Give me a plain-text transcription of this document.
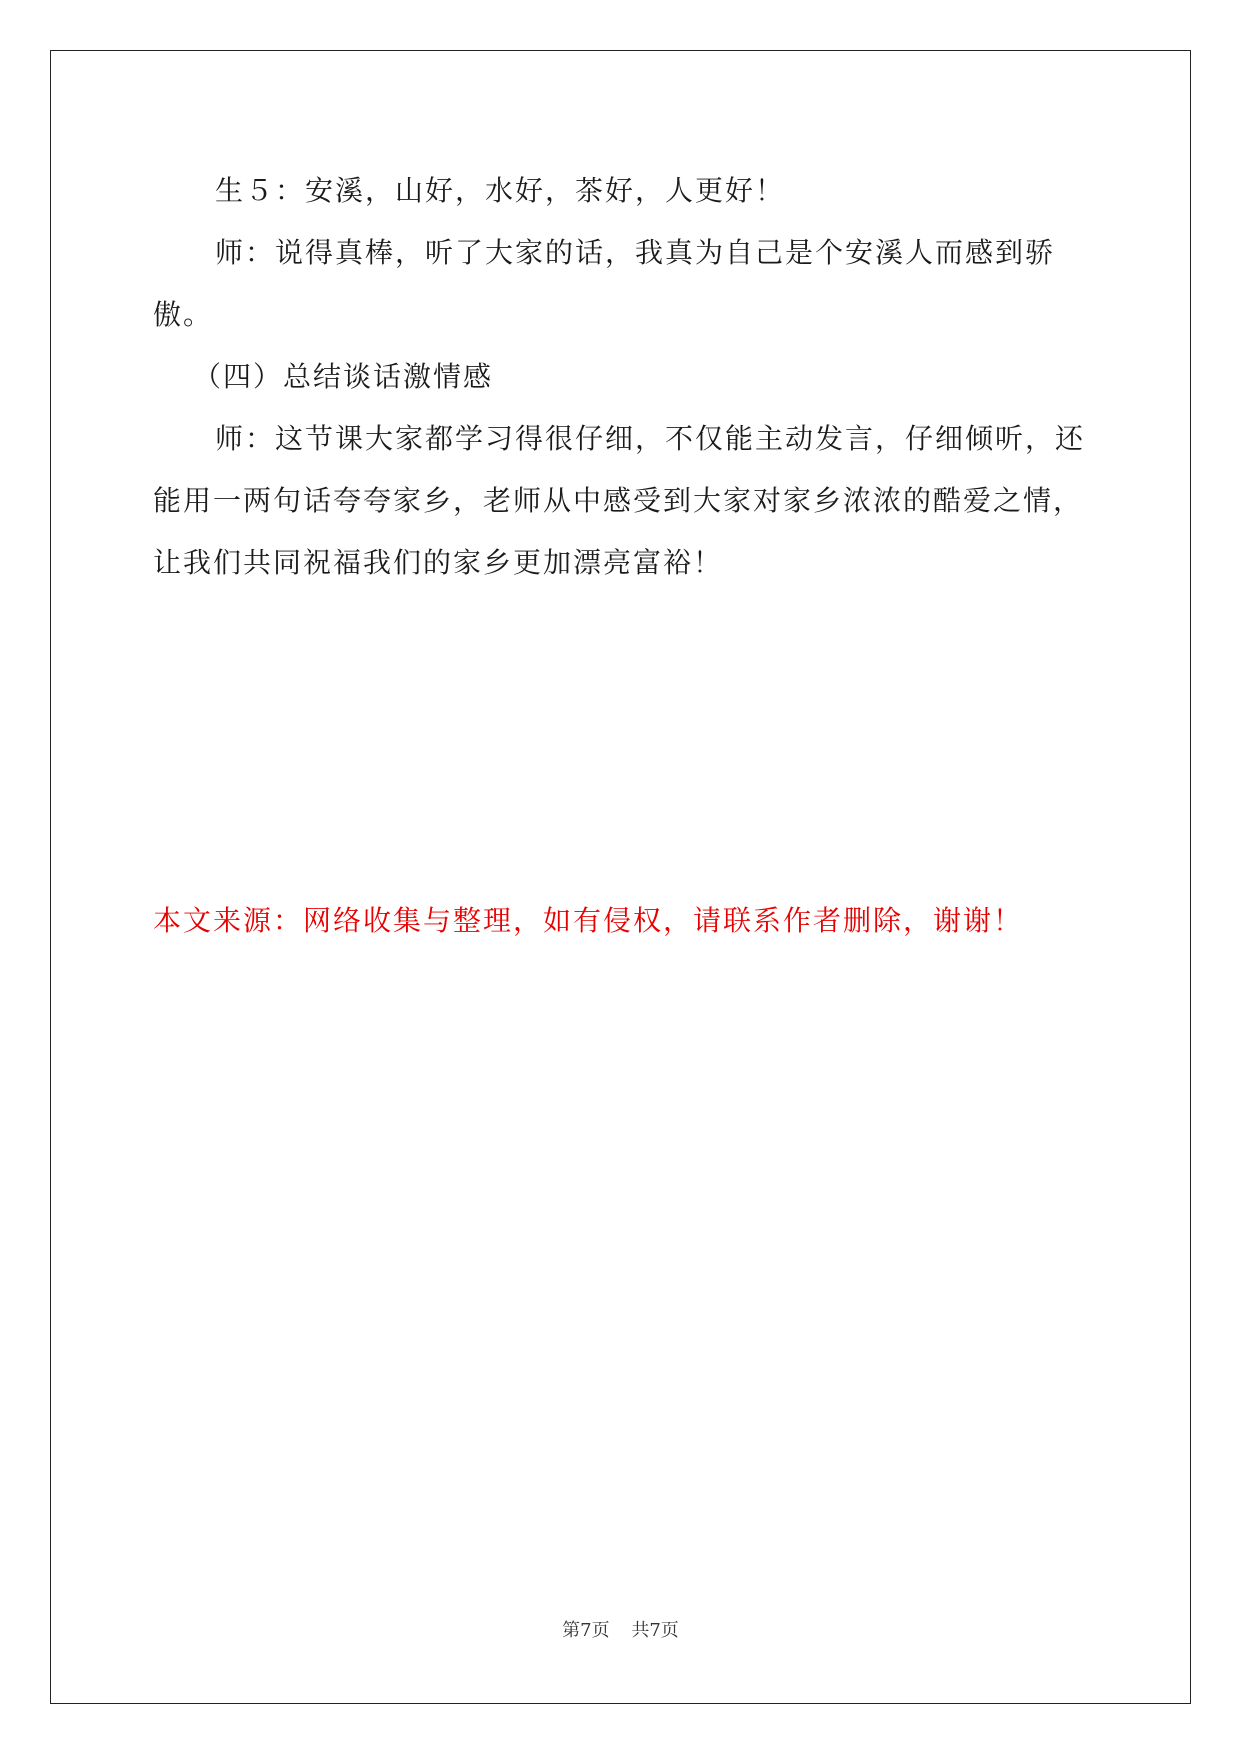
生５：安溪，山好，水好，茶好，人更好！

师：说得真棒，听了大家的话，我真为自己是个安溪人而感到骄傲。

（四）总结谈话激情感

师：这节课大家都学习得很仔细，不仅能主动发言，仔细倾听，还能用一两句话夸夸家乡，老师从中感受到大家对家乡浓浓的酷爱之情，让我们共同祝福我们的家乡更加漂亮富裕！

本文来源：网络收集与整理，如有侵权，请联系作者删除，谢谢！

第7页 共7页
